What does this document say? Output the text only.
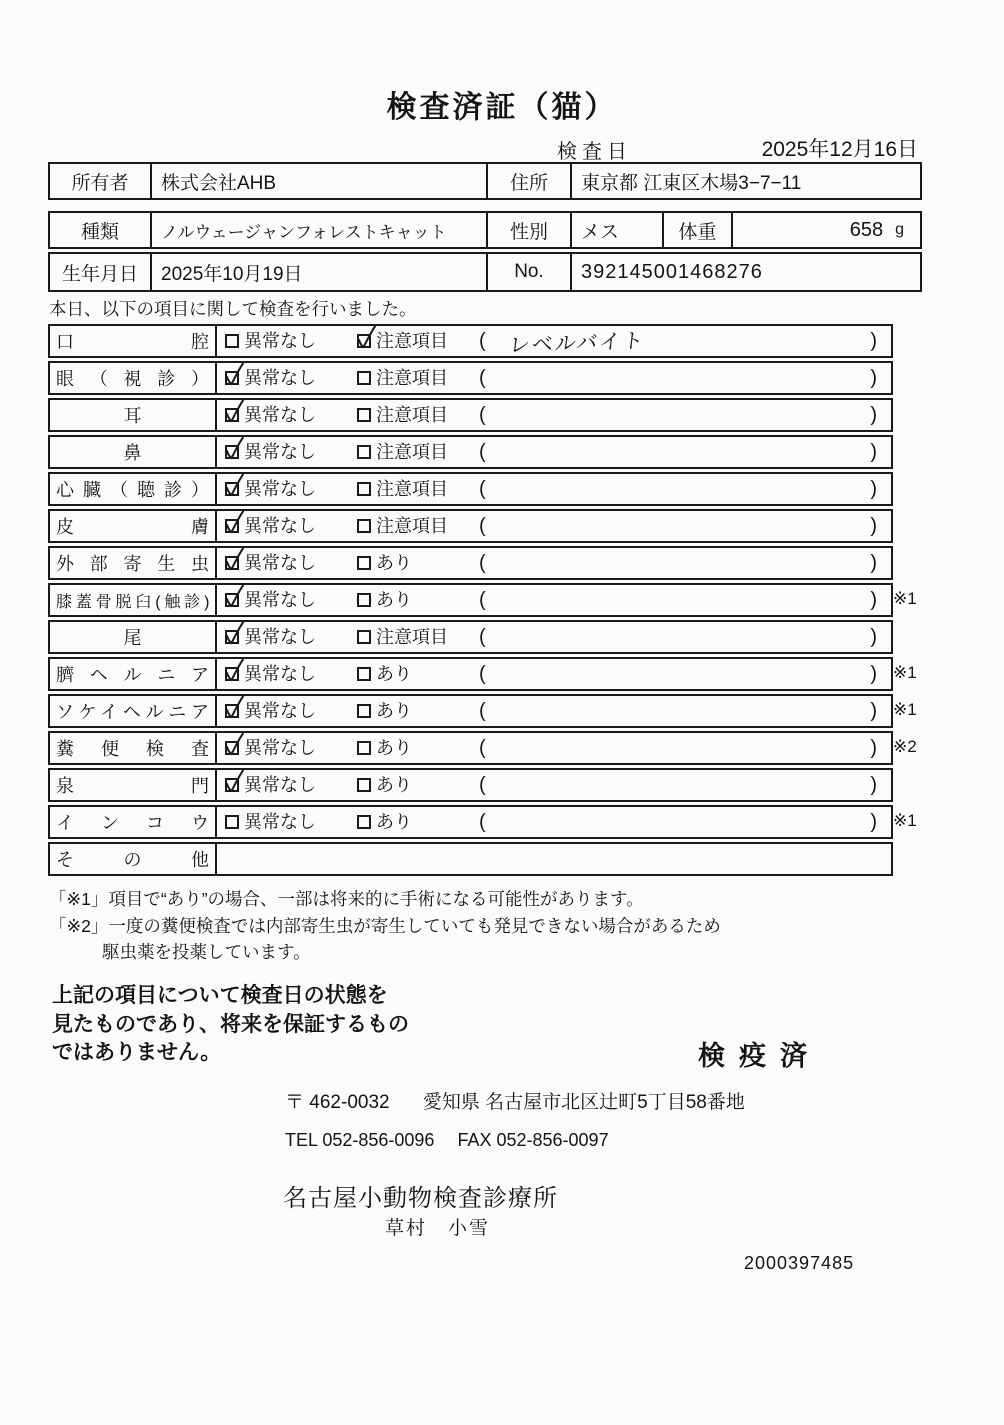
検査済証（猫）
検査日	2025年12月16日
所有者	株式会社AHB	住所	東京都 江東区木場3−7−11
種類	ノルウェージャンフォレストキャット	性別	メス	体重	658 g
生年月日	2025年10月19日	No.	392145001468276
本日、以下の項目に関して検査を行いました。
口腔 異常なし	注意項目 ( レベルバイト	)
眼（視診） 異常なし	注意項目 (	)
耳	異常なし	注意項目 (	)
鼻	異常なし	注意項目 (	)
心臓（聴診） 異常なし	注意項目 (	)
皮膚 異常なし	注意項目 (	)
外部寄生虫 異常なし	あり	(	)
膝蓋骨脱臼(触診) 異常なし	あり	(	) ※1
尾	異常なし	注意項目 (	)
臍ヘルニア 異常なし	あり	(	) ※1
ソケイヘルニア 異常なし	あり	(	) ※1
糞便検査 異常なし	あり	(	) ※2
泉門 異常なし	あり	(	)
インコウ 異常なし	あり	(	) ※1
その他
「※1」項目で“あり”の場合、一部は将来的に手術になる可能性があります。
「※2」一度の糞便検査では内部寄生虫が寄生していても発見できない場合があるため
駆虫薬を投薬しています。
上記の項目について検査日の状態を
見たものであり、将来を保証するもの
ではありません。	検疫済
〒 462-0032 愛知県 名古屋市北区辻町5丁目58番地
TEL 052-856-0096 FAX 052-856-0097
名古屋小動物検査診療所
草村　小雪
2000397485
